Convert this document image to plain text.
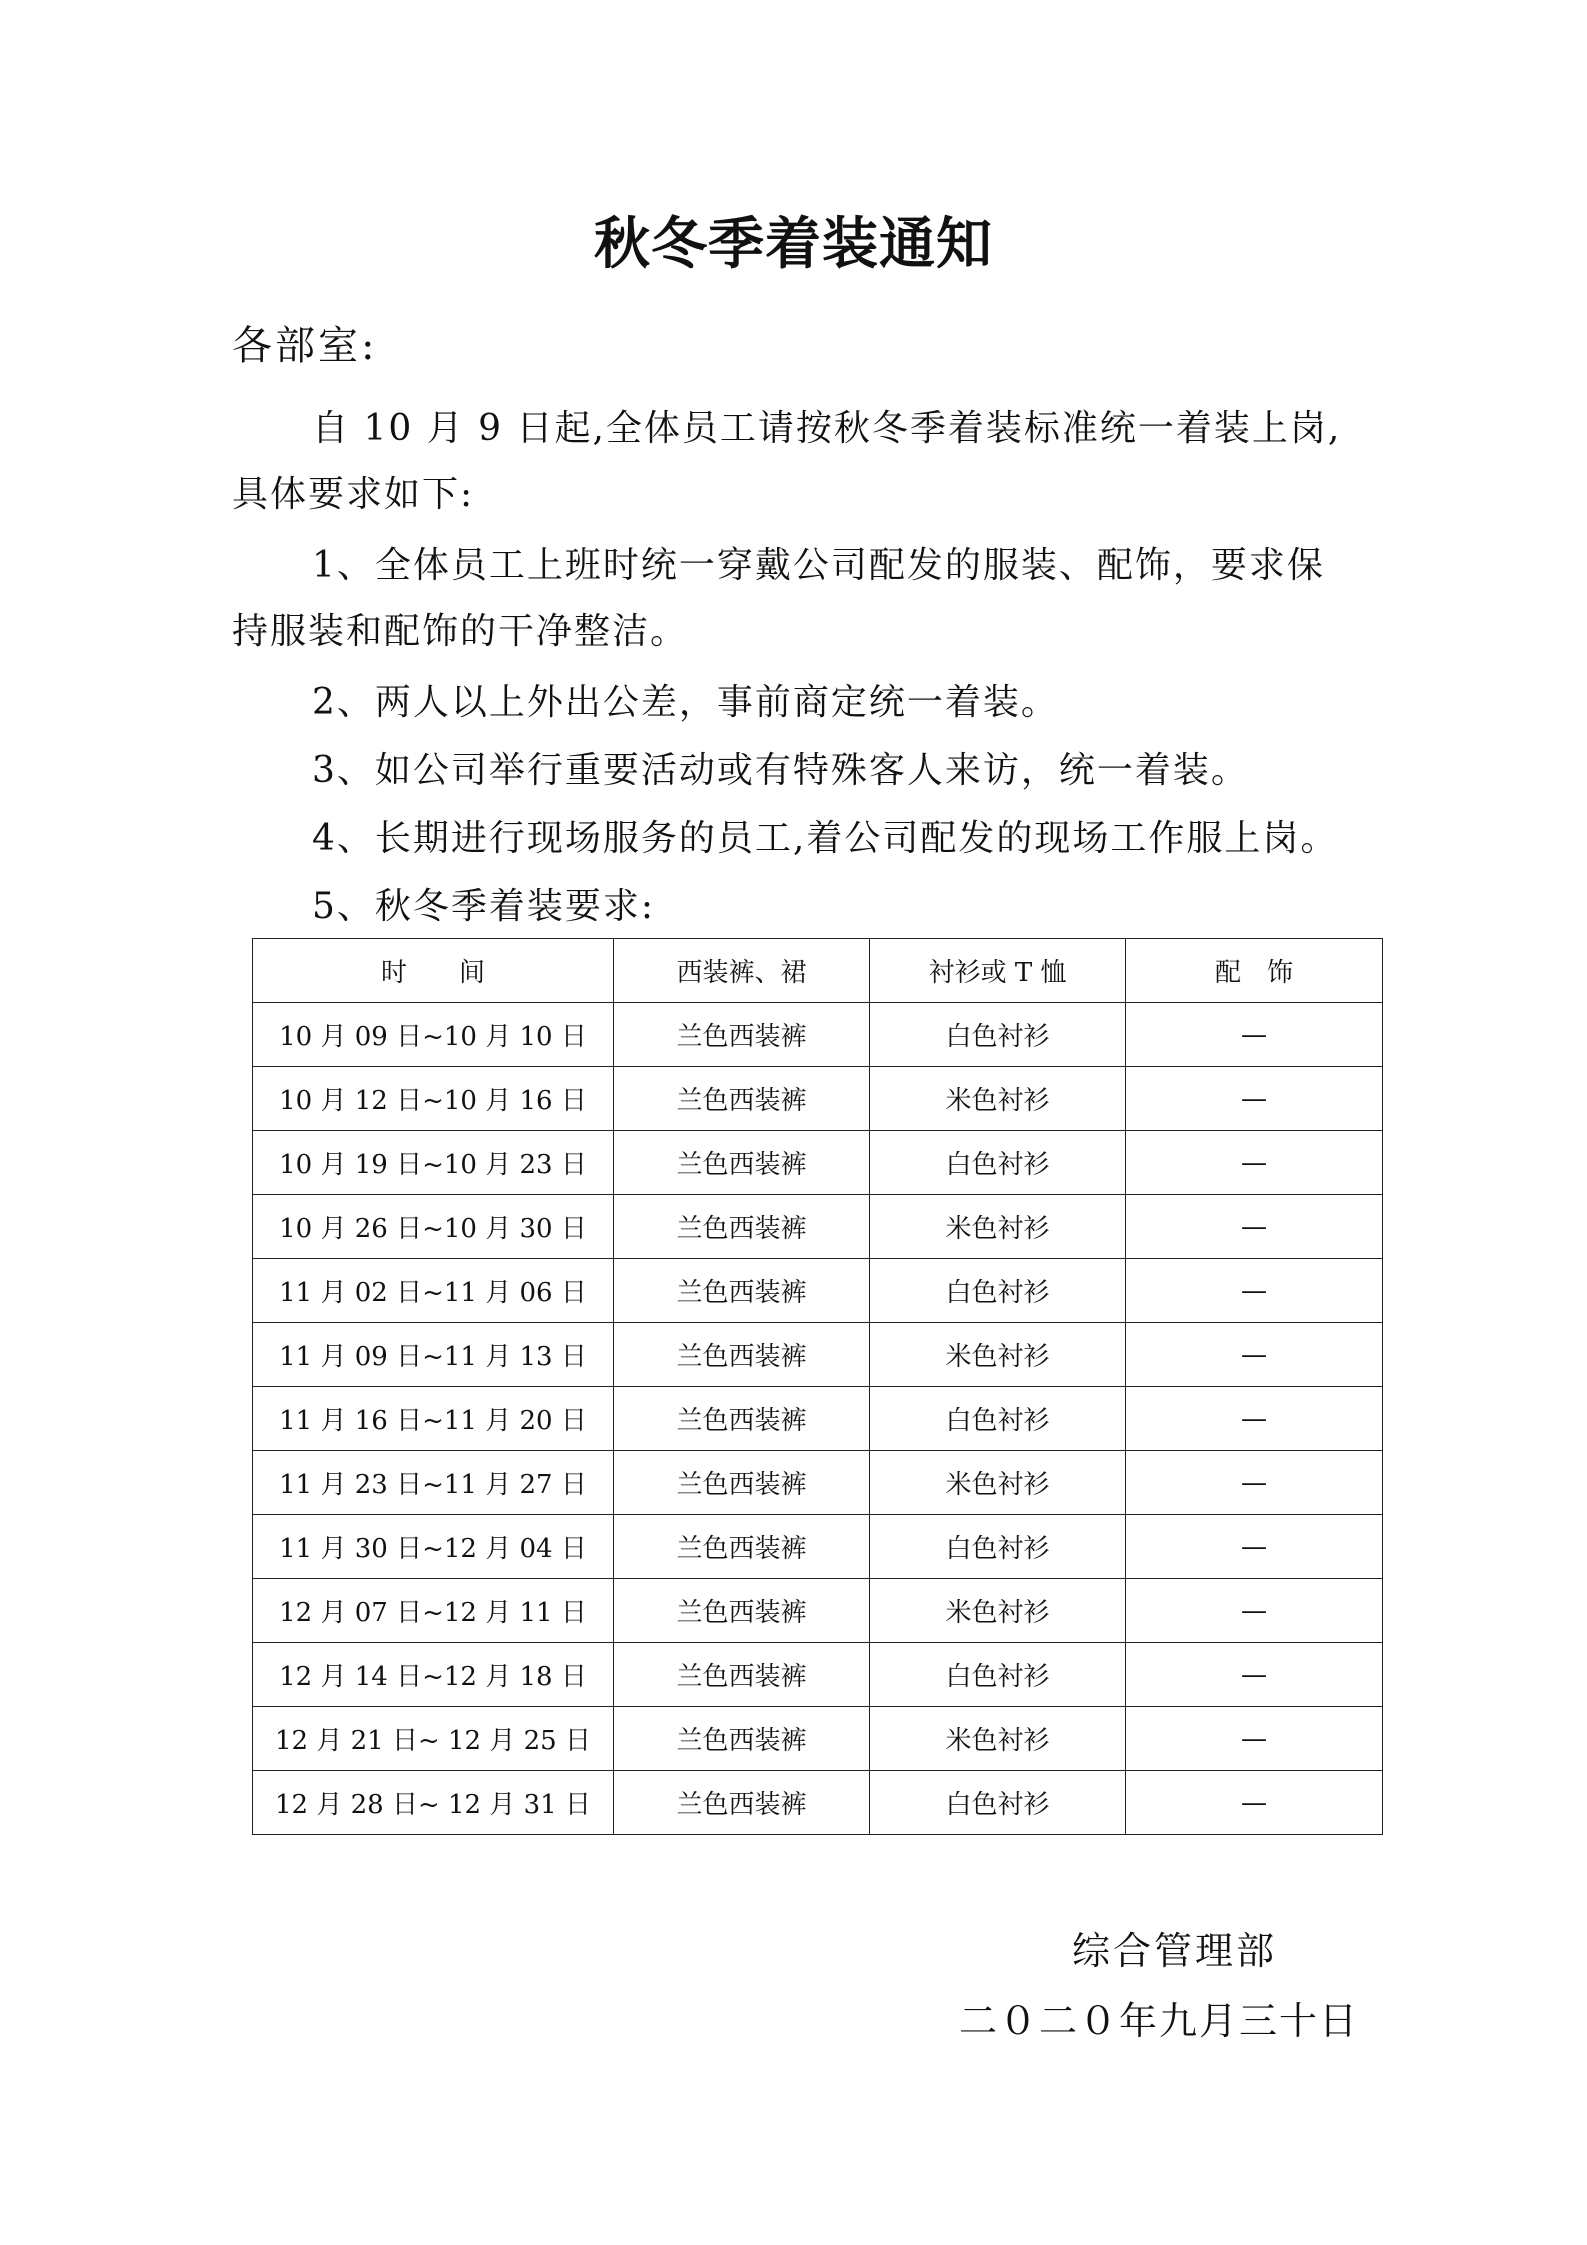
秋冬季着装通知

各部室:

自 10 月 9 日起,全体员工请按秋冬季着装标准统一着装上岗,具体要求如下:

1、全体员工上班时统一穿戴公司配发的服装、配饰，要求保持服装和配饰的干净整洁。

2、两人以上外出公差，事前商定统一着装。

3、如公司举行重要活动或有特殊客人来访，统一着装。

4、长期进行现场服务的员工,着公司配发的现场工作服上岗。

5、秋冬季着装要求:

时　　间	西装裤、裙	衬衫或 T 恤	配　饰
10 月 09 日~10 月 10 日	兰色西装裤	白色衬衫	—
10 月 12 日~10 月 16 日	兰色西装裤	米色衬衫	—
10 月 19 日~10 月 23 日	兰色西装裤	白色衬衫	—
10 月 26 日~10 月 30 日	兰色西装裤	米色衬衫	—
11 月 02 日~11 月 06 日	兰色西装裤	白色衬衫	—
11 月 09 日~11 月 13 日	兰色西装裤	米色衬衫	—
11 月 16 日~11 月 20 日	兰色西装裤	白色衬衫	—
11 月 23 日~11 月 27 日	兰色西装裤	米色衬衫	—
11 月 30 日~12 月 04 日	兰色西装裤	白色衬衫	—
12 月 07 日~12 月 11 日	兰色西装裤	米色衬衫	—
12 月 14 日~12 月 18 日	兰色西装裤	白色衬衫	—
12 月 21 日~ 12 月 25 日	兰色西装裤	米色衬衫	—
12 月 28 日~ 12 月 31 日	兰色西装裤	白色衬衫	—

综合管理部

二０二０年九月三十日
